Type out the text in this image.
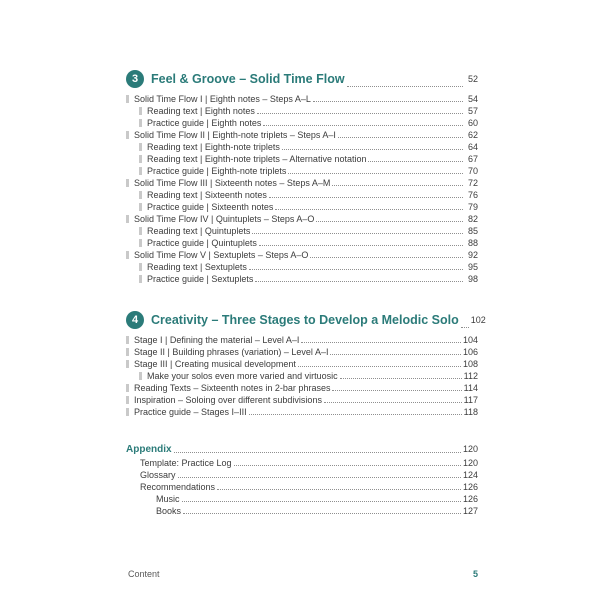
3	Feel & Groove – Solid Time Flow	52
Solid Time Flow I | Eighth notes – Steps A–L	54
Reading text | Eighth notes	57
Practice guide | Eighth notes	60
Solid Time Flow II | Eighth-note triplets – Steps A–I	62
Reading text | Eighth-note triplets	64
Reading text | Eighth-note triplets – Alternative notation	67
Practice guide | Eighth-note triplets	70
Solid Time Flow III | Sixteenth notes – Steps A–M	72
Reading text | Sixteenth notes	76
Practice guide | Sixteenth notes	79
Solid Time Flow IV | Quintuplets – Steps A–O	82
Reading text | Quintuplets	85
Practice guide | Quintuplets	88
Solid Time Flow V | Sextuplets – Steps A–O	92
Reading text | Sextuplets	95
Practice guide | Sextuplets	98
4	Creativity – Three Stages to Develop a Melodic Solo 102
Stage I | Defining the material – Level A–I	104
Stage II | Building phrases (variation) – Level A–I	106
Stage III | Creating musical development	108
Make your solos even more varied and virtuosic	112
Reading Texts – Sixteenth notes in 2-bar phrases	114
Inspiration – Soloing over different subdivisions	117
Practice guide – Stages I–III	118
Appendix	120
Template: Practice Log	120
Glossary	124
Recommendations	126
Music	126
Books	127
Content	5
